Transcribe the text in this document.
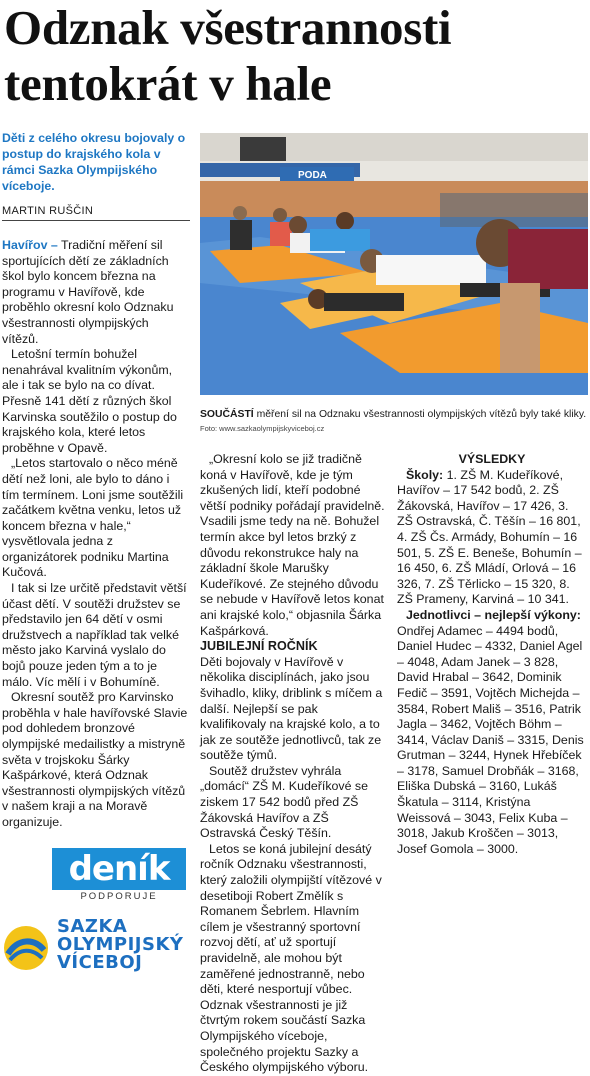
Odznak všestrannosti
tentokrát v hale

Děti z celého okresu bojovaly o postup do krajského kola v rámci Sazka Olympijského víceboje.

MARTIN RUŠČIN
PODA
SOUČÁSTÍ měření sil na Odznaku všestrannosti olympijských vítězů byly také kliky. Foto: www.sazkaolympijskyviceboj.cz

Havířov – Tradiční měření sil sportujících dětí ze základních škol bylo koncem března na programu v Havířově, kde proběhlo okresní kolo Odznaku všestrannosti olympijských vítězů.

Letošní termín bohužel nenahrával kvalitním výkonům, ale i tak se bylo na co dívat. Přesně 141 dětí z různých škol Karvinska soutěžilo o postup do krajského kola, které letos proběhne v Opavě.

„Letos startovalo o něco méně dětí než loni, ale bylo to dáno i tím termínem. Loni jsme soutěžili začátkem května venku, letos už koncem března v hale,“ vysvětlovala jedna z organizátorek podniku Martina Kučová.

I tak si lze určitě představit větší účast dětí. V soutěži družstev se představilo jen 64 dětí v osmi družstvech a například tak velké město jako Karviná vyslalo do bojů pouze jeden tým a to je málo. Víc mělí i v Bohumíně.

Okresní soutěž pro Karvinsko proběhla v hale havířovské Slavie pod dohledem bronzové olympijské medailistky a mistryně světa v trojskoku Šárky Kašpárkové, která Odznak všestrannosti olympijských vítězů v našem kraji a na Moravě organizuje.

„Okresní kolo se již tradičně koná v Havířově, kde je tým zkušených lidí, kteří podobné větší podniky pořádají pravidelně. Vsadili jsme tedy na ně. Bohužel termín akce byl letos brzký z důvodu rekonstrukce haly na základní škole Marušky Kudeříkové. Ze stejného důvodu se nebude v Havířově letos konat ani krajské kolo,“ objasnila Šárka Kašpárková.

JUBILEJNÍ ROČNÍK

Děti bojovaly v Havířově v několika disciplínách, jako jsou švihadlo, kliky, driblink s míčem a další. Nejlepší se pak kvalifikovaly na krajské kolo, a to jak ze soutěže jednotlivců, tak ze soutěže týmů.

Soutěž družstev vyhrála „domácí“ ZŠ M. Kudeříkové se ziskem 17 542 bodů před ZŠ Žákovská Havířov a ZŠ Ostravská Český Těšín.

Letos se koná jubilejní desátý ročník Odznaku všestrannosti, který založili olympijští vítězové v desetiboji Robert Změlík s Romanem Šebrlem. Hlavním cílem je všestranný sportovní rozvoj dětí, ať už sportují pravidelně, ale mohou být zaměřené jednostranně, nebo děti, které nesportují vůbec. Odznak všestrannosti je již čtvrtým rokem součástí Sazka Olympijského víceboje, společného projektu Sazky a Českého olympijského výboru.

VÝSLEDKY

Školy: 1. ZŠ M. Kudeříkové, Havířov – 17 542 bodů, 2. ZŠ Žákovská, Havířov – 17 426, 3. ZŠ Ostravská, Č. Těšín – 16 801, 4. ZŠ Čs. Armády, Bohumín – 16 501, 5. ZŠ E. Beneše, Bohumín – 16 450, 6. ZŠ Mládí, Orlová – 16 326, 7. ZŠ Těrlicko – 15 320, 8. ZŠ Prameny, Karviná – 10 341.

Jednotlivci – nejlepší výkony: Ondřej Adamec – 4494 bodů, Daniel Hudec – 4332, Daniel Agel – 4048, Adam Janek – 3 828, David Hrabal – 3642, Dominik Fedič – 3591, Vojtěch Michejda – 3584, Robert Mališ – 3516, Patrik Jagla – 3462, Vojtěch Böhm – 3414, Václav Daniš – 3315, Denis Grutman – 3244, Hynek Hřebíček – 3178, Samuel Drobňák – 3168, Eliška Dubská – 3160, Lukáš Škatula – 3114, Kristýna Weissová – 3043, Felix Kuba – 3018, Jakub Kroščen – 3013, Josef Gomola – 3000.

deník
PODPORUJE
SAZKA
OLYMPIJSKÝ
VÍCEBOJ
